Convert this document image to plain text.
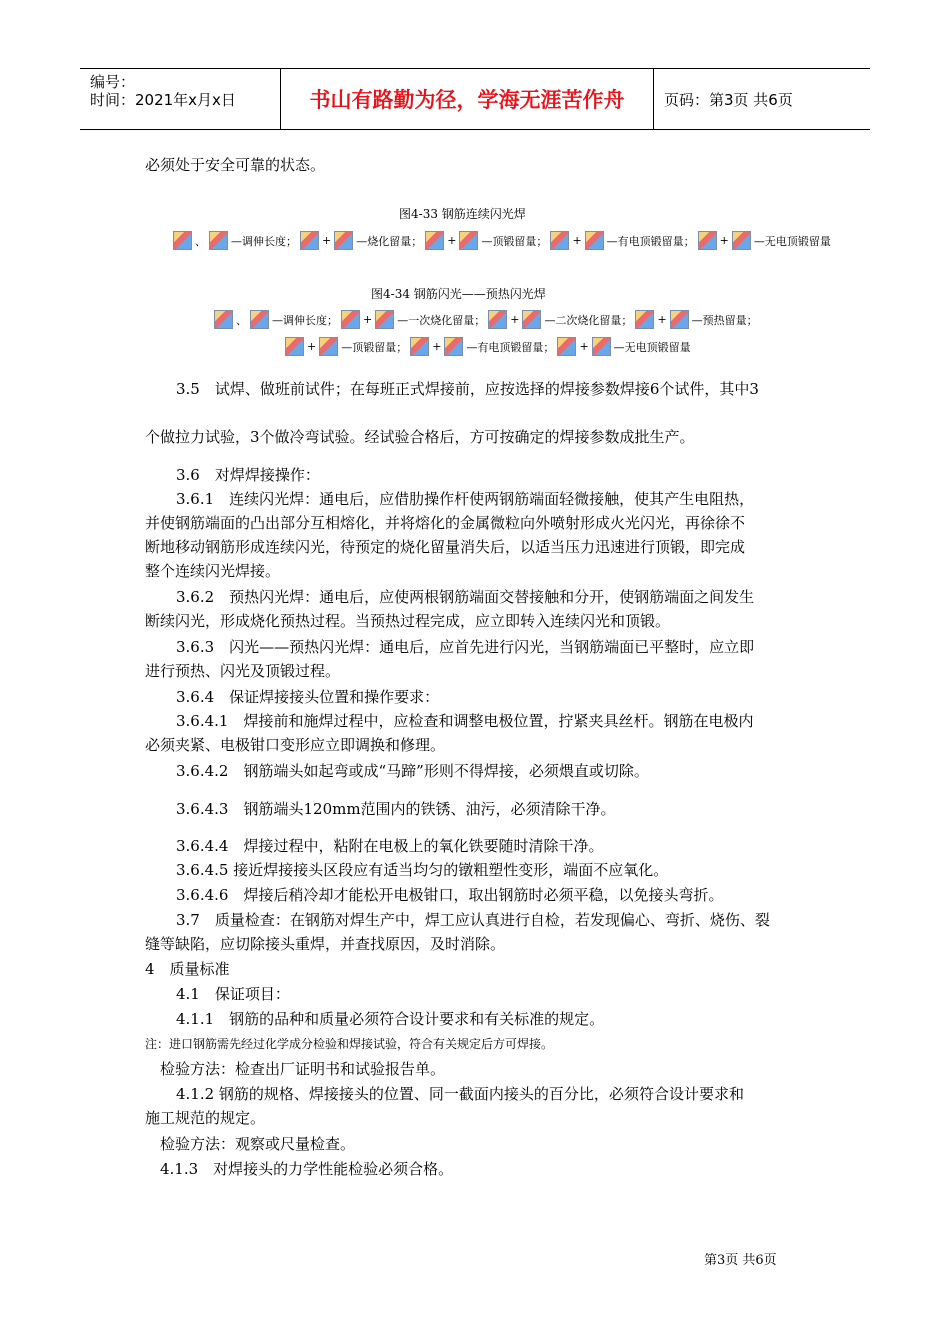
编号：
时间：2021年x月x日	书山有路勤为径，学海无涯苦作舟	页码：第3页 共6页
必须处于安全可靠的状态。
图4-33 钢筋连续闪光焊
、 —调伸长度； + —烧化留量； + —顶锻留量； + —有电顶锻留量； + —无电顶锻留量
图4-34 钢筋闪光——预热闪光焊
、 —调伸长度； + —一次烧化留量； + —二次烧化留量； + —预热留量；
+ —顶锻留量； + —有电顶锻留量； + —无电顶锻留量
3.5　试焊、做班前试件；在每班正式焊接前，应按选择的焊接参数焊接6个试件，其中3
个做拉力试验，3个做冷弯试验。经试验合格后，方可按确定的焊接参数成批生产。
3.6　对焊焊接操作：
3.6.1　连续闪光焊：通电后，应借肋操作杆使两钢筋端面轻微接触，使其产生电阻热，
并使钢筋端面的凸出部分互相熔化，并将熔化的金属微粒向外喷射形成火光闪光，再徐徐不
断地移动钢筋形成连续闪光，待预定的烧化留量消失后，以适当压力迅速进行顶锻，即完成
整个连续闪光焊接。
3.6.2　预热闪光焊：通电后，应使两根钢筋端面交替接触和分开，使钢筋端面之间发生
断续闪光，形成烧化预热过程。当预热过程完成，应立即转入连续闪光和顶锻。
3.6.3　闪光——预热闪光焊：通电后，应首先进行闪光，当钢筋端面已平整时，应立即
进行预热、闪光及顶锻过程。
3.6.4　保证焊接接头位置和操作要求：
3.6.4.1　焊接前和施焊过程中，应检查和调整电极位置，拧紧夹具丝杆。钢筋在电极内
必须夹紧、电极钳口变形应立即调换和修理。
3.6.4.2　钢筋端头如起弯或成“马蹄”形则不得焊接，必须煨直或切除。
3.6.4.3　钢筋端头120mm范围内的铁锈、油污，必须清除干净。
3.6.4.4　焊接过程中，粘附在电极上的氧化铁要随时清除干净。
3.6.4.5 接近焊接接头区段应有适当均匀的镦粗塑性变形，端面不应氧化。
3.6.4.6　焊接后稍冷却才能松开电极钳口，取出钢筋时必须平稳，以免接头弯折。
3.7　质量检查：在钢筋对焊生产中，焊工应认真进行自检，若发现偏心、弯折、烧伤、裂
缝等缺陷，应切除接头重焊，并查找原因，及时消除。
4　质量标准
4.1　保证项目：
4.1.1　钢筋的品种和质量必须符合设计要求和有关标准的规定。
注：进口钢筋需先经过化学成分检验和焊接试验，符合有关规定后方可焊接。
检验方法：检查出厂证明书和试验报告单。
4.1.2 钢筋的规格、焊接接头的位置、同一截面内接头的百分比，必须符合设计要求和
施工规范的规定。
检验方法：观察或尺量检查。
4.1.3　对焊接头的力学性能检验必须合格。
第3页 共6页
